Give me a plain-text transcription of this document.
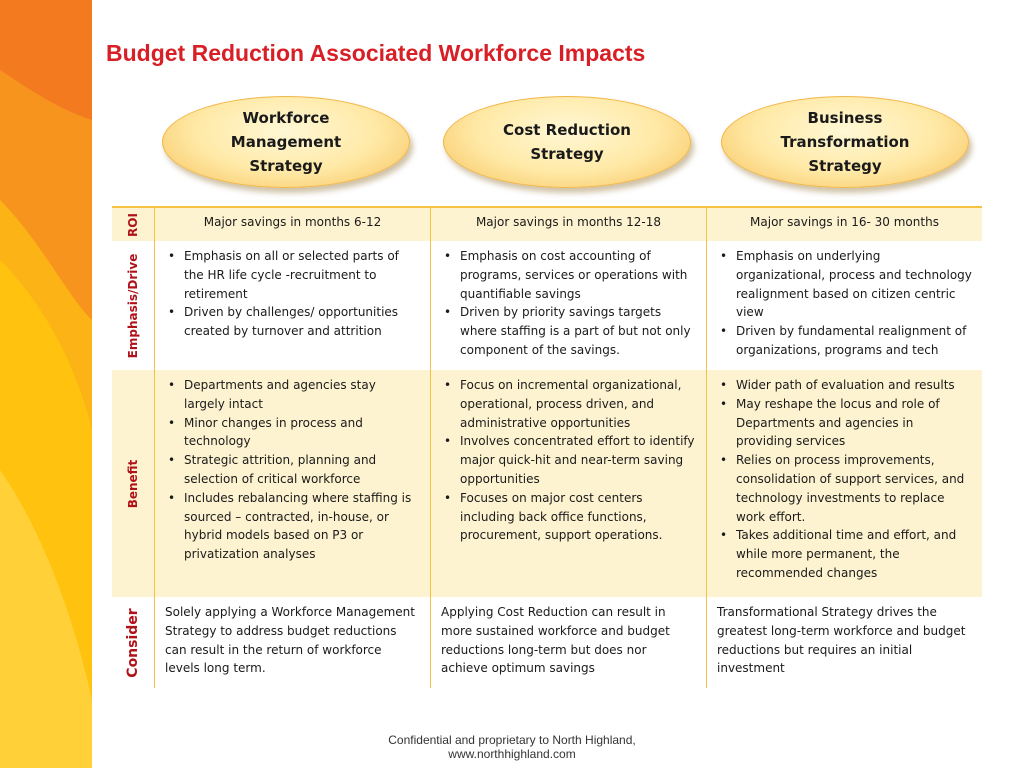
Budget Reduction Associated Workforce Impacts
Workforce Management Strategy
Cost Reduction Strategy
Business Transformation Strategy
ROI	Major savings in months 6-12	Major savings in months 12-18	Major savings in 16- 30 months
Emphasis/Drive
•	Emphasis on all or selected parts of the HR life cycle -recruitment to retirement
• Driven by challenges/ opportunities created by turnover and attrition
• Emphasis on cost accounting of programs, services or operations with quantifiable savings
• Driven by priority savings targets where staffing is a part of but not only component of the savings.
• Emphasis on underlying organizational, process and technology realignment based on citizen centric view
• Driven by fundamental realignment of organizations, programs and tech
Benefit
• Departments and agencies stay largely intact
• Minor changes in process and technology
• Strategic attrition, planning and selection of critical workforce
• Includes rebalancing where staffing is sourced – contracted, in-house, or hybrid models based on P3 or privatization analyses
• Focus on incremental organizational, operational, process driven, and administrative opportunities
• Involves concentrated effort to identify major quick-hit and near-term saving opportunities
• Focuses on major cost centers including back office functions, procurement, support operations.
• Wider path of evaluation and results
• May reshape the locus and role of Departments and agencies in providing services
• Relies on process improvements, consolidation of support services, and technology investments to replace work effort.
• Takes additional time and effort, and while more permanent, the recommended changes
Consider	Solely applying a Workforce Management Strategy to address budget reductions can result in the return of workforce levels long term.
Applying Cost Reduction can result in more sustained workforce and budget reductions long-term but does nor achieve optimum savings
Transformational Strategy drives the greatest long-term workforce and budget reductions but requires an initial investment
Confidential and proprietary to North Highland,
www.northhighland.com
